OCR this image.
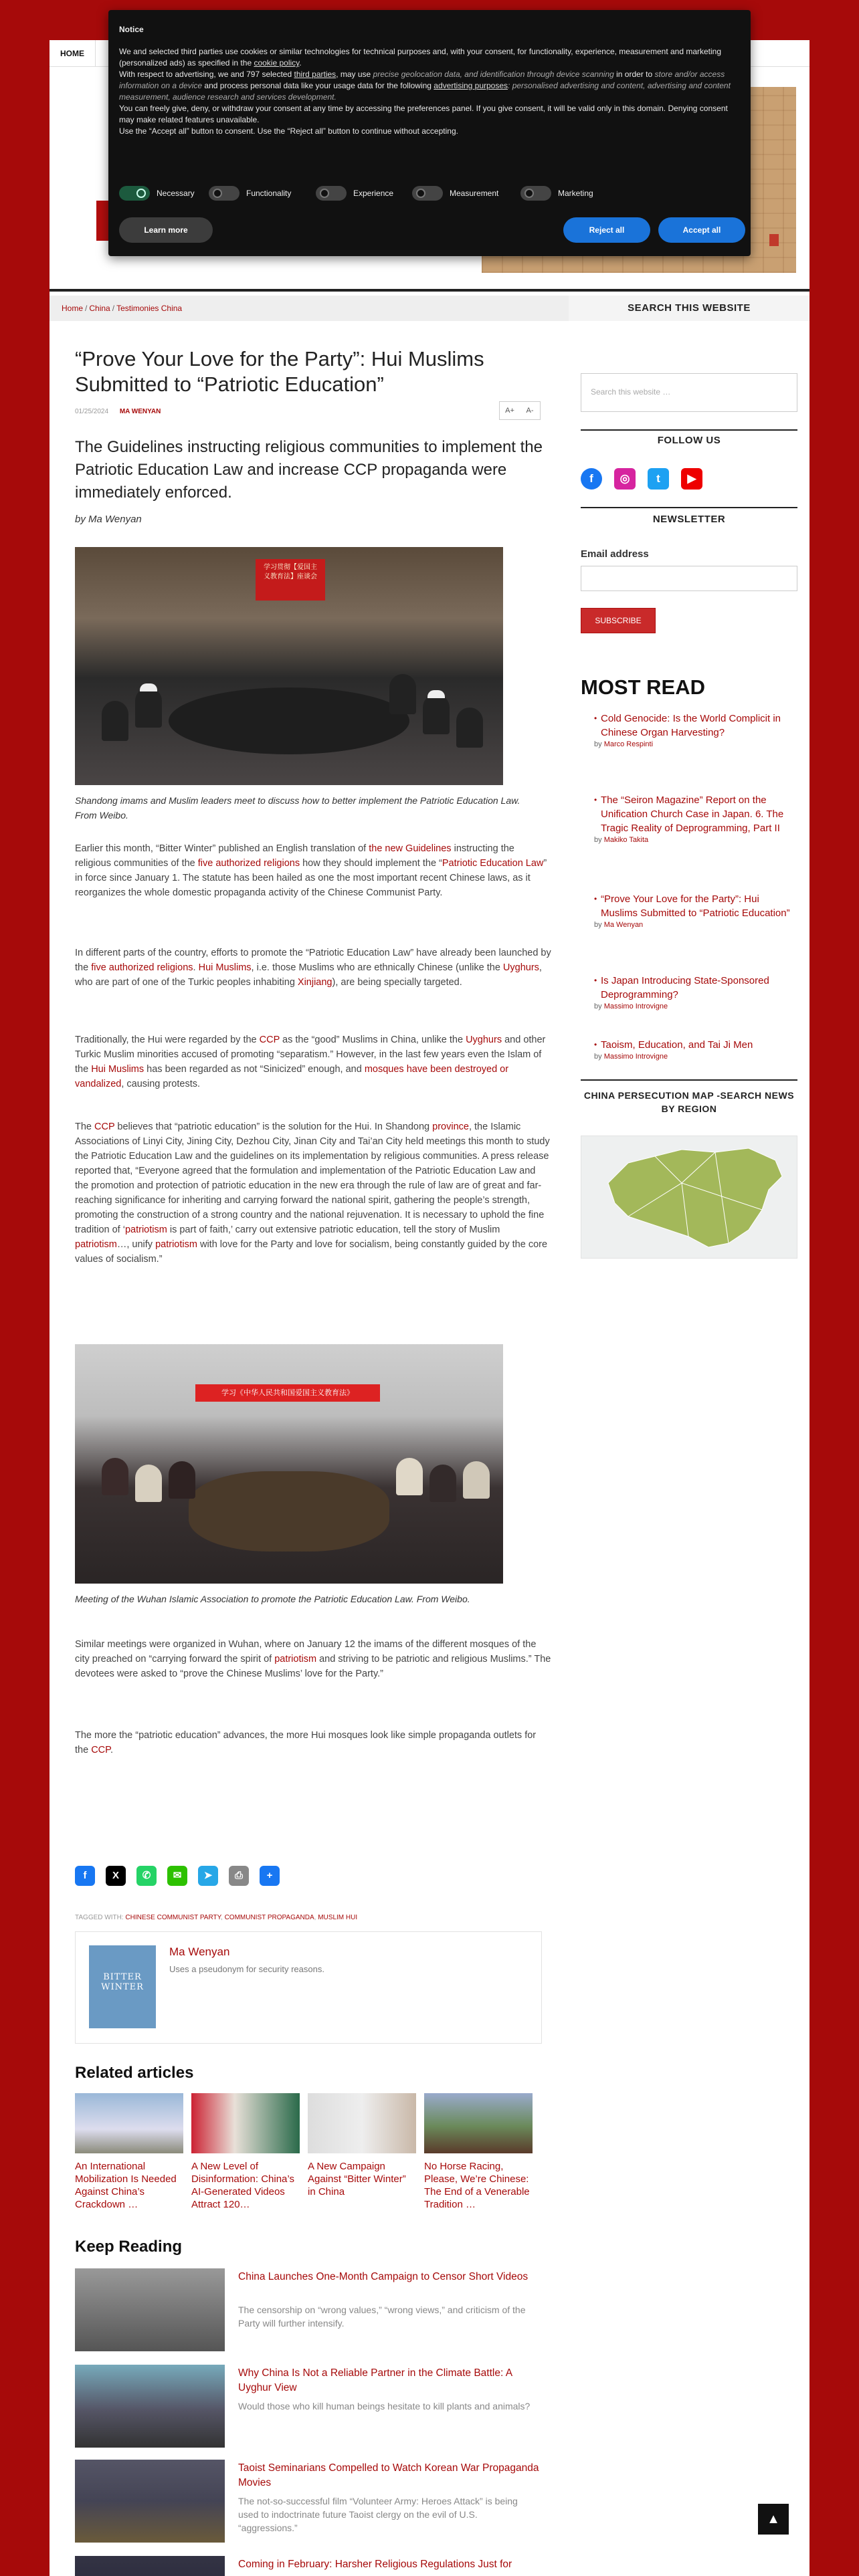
HOME
Home / China / Testimonies China
“Prove Your Love for the Party”: Hui Muslims Submitted to “Patriotic Education”
01/25/2024 MA WENYAN	A+ A-
The Guidelines instructing religious communities to implement the Patriotic Education Law and increase CCP propaganda were immediately enforced.
by Ma Wenyan
学习贯彻【爱国主义教育法】座谈会
Shandong imams and Muslim leaders meet to discuss how to better implement the Patriotic Education Law. From Weibo.
Earlier this month, “Bitter Winter” published an English translation of the new Guidelines instructing the religious communities of the five authorized religions how they should implement the “Patriotic Education Law” in force since January 1. The statute has been hailed as one the most important recent Chinese laws, as it reorganizes the whole domestic propaganda activity of the Chinese Communist Party.
In different parts of the country, efforts to promote the “Patriotic Education Law” have already been launched by the five authorized religions. Hui Muslims, i.e. those Muslims who are ethnically Chinese (unlike the Uyghurs, who are part of one of the Turkic peoples inhabiting Xinjiang), are being specially targeted.
Traditionally, the Hui were regarded by the CCP as the “good” Muslims in China, unlike the Uyghurs and other Turkic Muslim minorities accused of promoting “separatism.” However, in the last few years even the Islam of the Hui Muslims has been regarded as not “Sinicized” enough, and mosques have been destroyed or vandalized, causing protests.
The CCP believes that “patriotic education” is the solution for the Hui. In Shandong province, the Islamic Associations of Linyi City, Jining City, Dezhou City, Jinan City and Tai’an City held meetings this month to study the Patriotic Education Law and the guidelines on its implementation by religious communities. A press release reported that, “Everyone agreed that the formulation and implementation of the Patriotic Education Law and the promotion and protection of patriotic education in the new era through the rule of law are of great and far-reaching significance for inheriting and carrying forward the national spirit, gathering the people’s strength, promoting the construction of a strong country and the national rejuvenation. It is necessary to uphold the fine tradition of ‘patriotism is part of faith,’ carry out extensive patriotic education, tell the story of Muslim patriotism…, unify patriotism with love for the Party and love for socialism, being constantly guided by the core values of socialism.”
学习《中华人民共和国爱国主义教育法》
Meeting of the Wuhan Islamic Association to promote the Patriotic Education Law. From Weibo.
Similar meetings were organized in Wuhan, where on January 12 the imams of the different mosques of the city preached on “carrying forward the spirit of patriotism and striving to be patriotic and religious Muslims.” The devotees were asked to “prove the Chinese Muslims’ love for the Party.”
The more the “patriotic education” advances, the more Hui mosques look like simple propaganda outlets for the CCP.
f	X	✆	✉	➤	⎙	+
TAGGED WITH: CHINESE COMMUNIST PARTY, COMMUNIST PROPAGANDA, MUSLIM HUI
BITTER WINTER
Ma Wenyan
Uses a pseudonym for security reasons.
Related articles
An International Mobilization Is Needed Against China’s Crackdown …
A New Level of Disinformation: China’s AI-Generated Videos Attract 120…
A New Campaign Against “Bitter Winter” in China
No Horse Racing, Please, We’re Chinese: The End of a Venerable Tradition …
Keep Reading
China Launches One-Month Campaign to Censor Short Videos
The censorship on “wrong values,” “wrong views,” and criticism of the Party will further intensify.
Why China Is Not a Reliable Partner in the Climate Battle: A Uyghur View
Would those who kill human beings hesitate to kill plants and animals?
Taoist Seminarians Compelled to Watch Korean War Propaganda Movies
The not-so-successful film “Volunteer Army: Heroes Attack” is being used to indoctrinate future Taoist clergy on the evil of U.S. “aggressions.”
Coming in February: Harsher Religious Regulations Just for
SEARCH THIS WEBSITE
Search this website …
FOLLOW US
f	◎	t	▶
NEWSLETTER
Email address
SUBSCRIBE
MOST READ
• Cold Genocide: Is the World Complicit in Chinese Organ Harvesting?
by Marco Respinti
• The “Seiron Magazine” Report on the Unification Church Case in Japan. 6. The Tragic Reality of Deprogramming, Part II
by Makiko Takita
• “Prove Your Love for the Party”: Hui Muslims Submitted to “Patriotic Education”
by Ma Wenyan
• Is Japan Introducing State-Sponsored Deprogramming?
by Massimo Introvigne
• Taoism, Education, and Tai Ji Men
by Massimo Introvigne
CHINA PERSECUTION MAP -SEARCH NEWS BY REGION
Notice
We and selected third parties use cookies or similar technologies for technical purposes and, with your consent, for functionality, experience, measurement and marketing (personalized ads) as specified in the cookie policy.
With respect to advertising, we and 797 selected third parties, may use precise geolocation data, and identification through device scanning in order to store and/or access information on a device and process personal data like your usage data for the following advertising purposes: personalised advertising and content, advertising and content measurement, audience research and services development.
You can freely give, deny, or withdraw your consent at any time by accessing the preferences panel. If you give consent, it will be valid only in this domain. Denying consent may make related features unavailable.
Use the “Accept all” button to consent. Use the “Reject all” button to continue without accepting.
Necessary	Functionality	Experience	Measurement	Marketing
Learn more	Reject all	Accept all
▲
